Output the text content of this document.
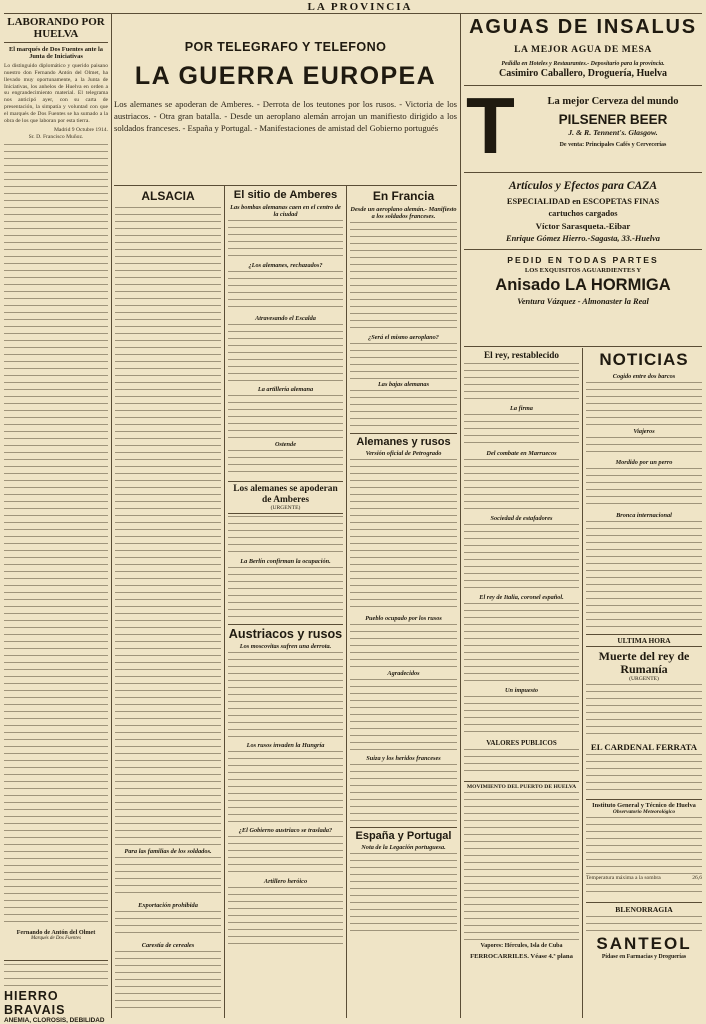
LA PROVINCIA
LABORANDO POR HUELVA
El marqués de Dos Fuentes ante la Junta de Iniciativas
Lo distinguido diplomático y querido paisano nuestro don Fernando Antón del Olmet, ha llevado muy oportunamente, a la Junta de Iniciativas, los anhelos de Huelva en orden a su engrandecimiento material. El telegrama nos anticipó ayer, con su carta de presentación, la simpatía y voluntad con que el marqués de Dos Fuentes se ha sumado a la obra de los que laboran por esta tierra.
Madrid 9 Octubre 1914.
Sr. D. Francisco Muñoz.
Fernando de Antón del Olmet
Marqués de Dos Fuentes
HIERRO BRAVAIS
ANEMIA, CLOROSIS, DEBILIDAD
POR TELEGRAFO Y TELEFONO
LA GUERRA EUROPEA
Los alemanes se apoderan de Amberes. - Derrota de los teutones por los rusos. - Victoria de los austriacos. - Otra gran batalla. - Desde un aeroplano alemán arrojan un manifiesto dirigido a los soldados franceses. - España y Portugal. - Manifestaciones de amistad del Gobierno portugués
ALSACIA
Para las familias de los soldados.
Exportación prohibida
Carestía de cereales
El sitio de Amberes
Las bombas alemanas caen en el centro de la ciudad
¿Los alemanes, rechazados?
Atravesando el Escalda
La artillería alemana
Ostende
Los alemanes se apoderan de Amberes
(URGENTE)
La Berlín confirman la ocupación.
Austriacos y rusos
Los moscovitas sufren una derrota.
Los rusos invaden la Hungría
¿El Gobierno austriaco se traslada?
Artillero heróico
En Francia
Desde un aeroplano alemán.- Manifiesto a los soldados franceses.
¿Será el mismo aeroplano?
Las bajas alemanas
Alemanes y rusos
Versión oficial de Petrogrado
Pueblo ocupado por los rusos
Agradecidos
Suiza y los heridos franceses
España y Portugal
Nota de la Legación portuguesa.
AGUAS DE INSALUS
LA MEJOR AGUA DE MESA
Pedidla en Hoteles y Restaurantes.- Depositario para la provincia.
Casimiro Caballero, Droguería, Huelva
T	La mejor Cerveza del mundo
PILSENER BEER
J. & R. Tennent's. Glasgow.
De venta: Principales Cafés y Cervecerías
Artículos y Efectos para CAZA
ESPECIALIDAD en ESCOPETAS FINAS
cartuchos cargados
Víctor Sarasqueta.-Eibar
Enrique Gómez Hierro.-Sagasta, 33.-Huelva
PEDID EN TODAS PARTES
LOS EXQUISITOS AGUARDIENTES Y
Anisado LA HORMIGA
Ventura Vázquez - Almonaster la Real
El rey, restablecido
La firma
Del combate en Marruecos
Sociedad de estafadores
El rey de Italia, coronel español.
Un impuesto
VALORES PUBLICOS
MOVIMIENTO DEL PUERTO DE HUELVA
Vapores: Hércules, Isla de Cuba
FERROCARRILES. Véase 4.ª plana
NOTICIAS
Cogido entre dos barcos
Viajeros
Mordido por un perro
Bronca internacional
ULTIMA HORA
Muerte del rey de Rumanía
(URGENTE)
EL CARDENAL FERRATA
Instituto General y Técnico de Huelva
Observatorio Meteorológico
Temperatura máxima a la sombra	26,6
BLENORRAGIA
SANTEOL
Pídase en Farmacias y Droguerías
